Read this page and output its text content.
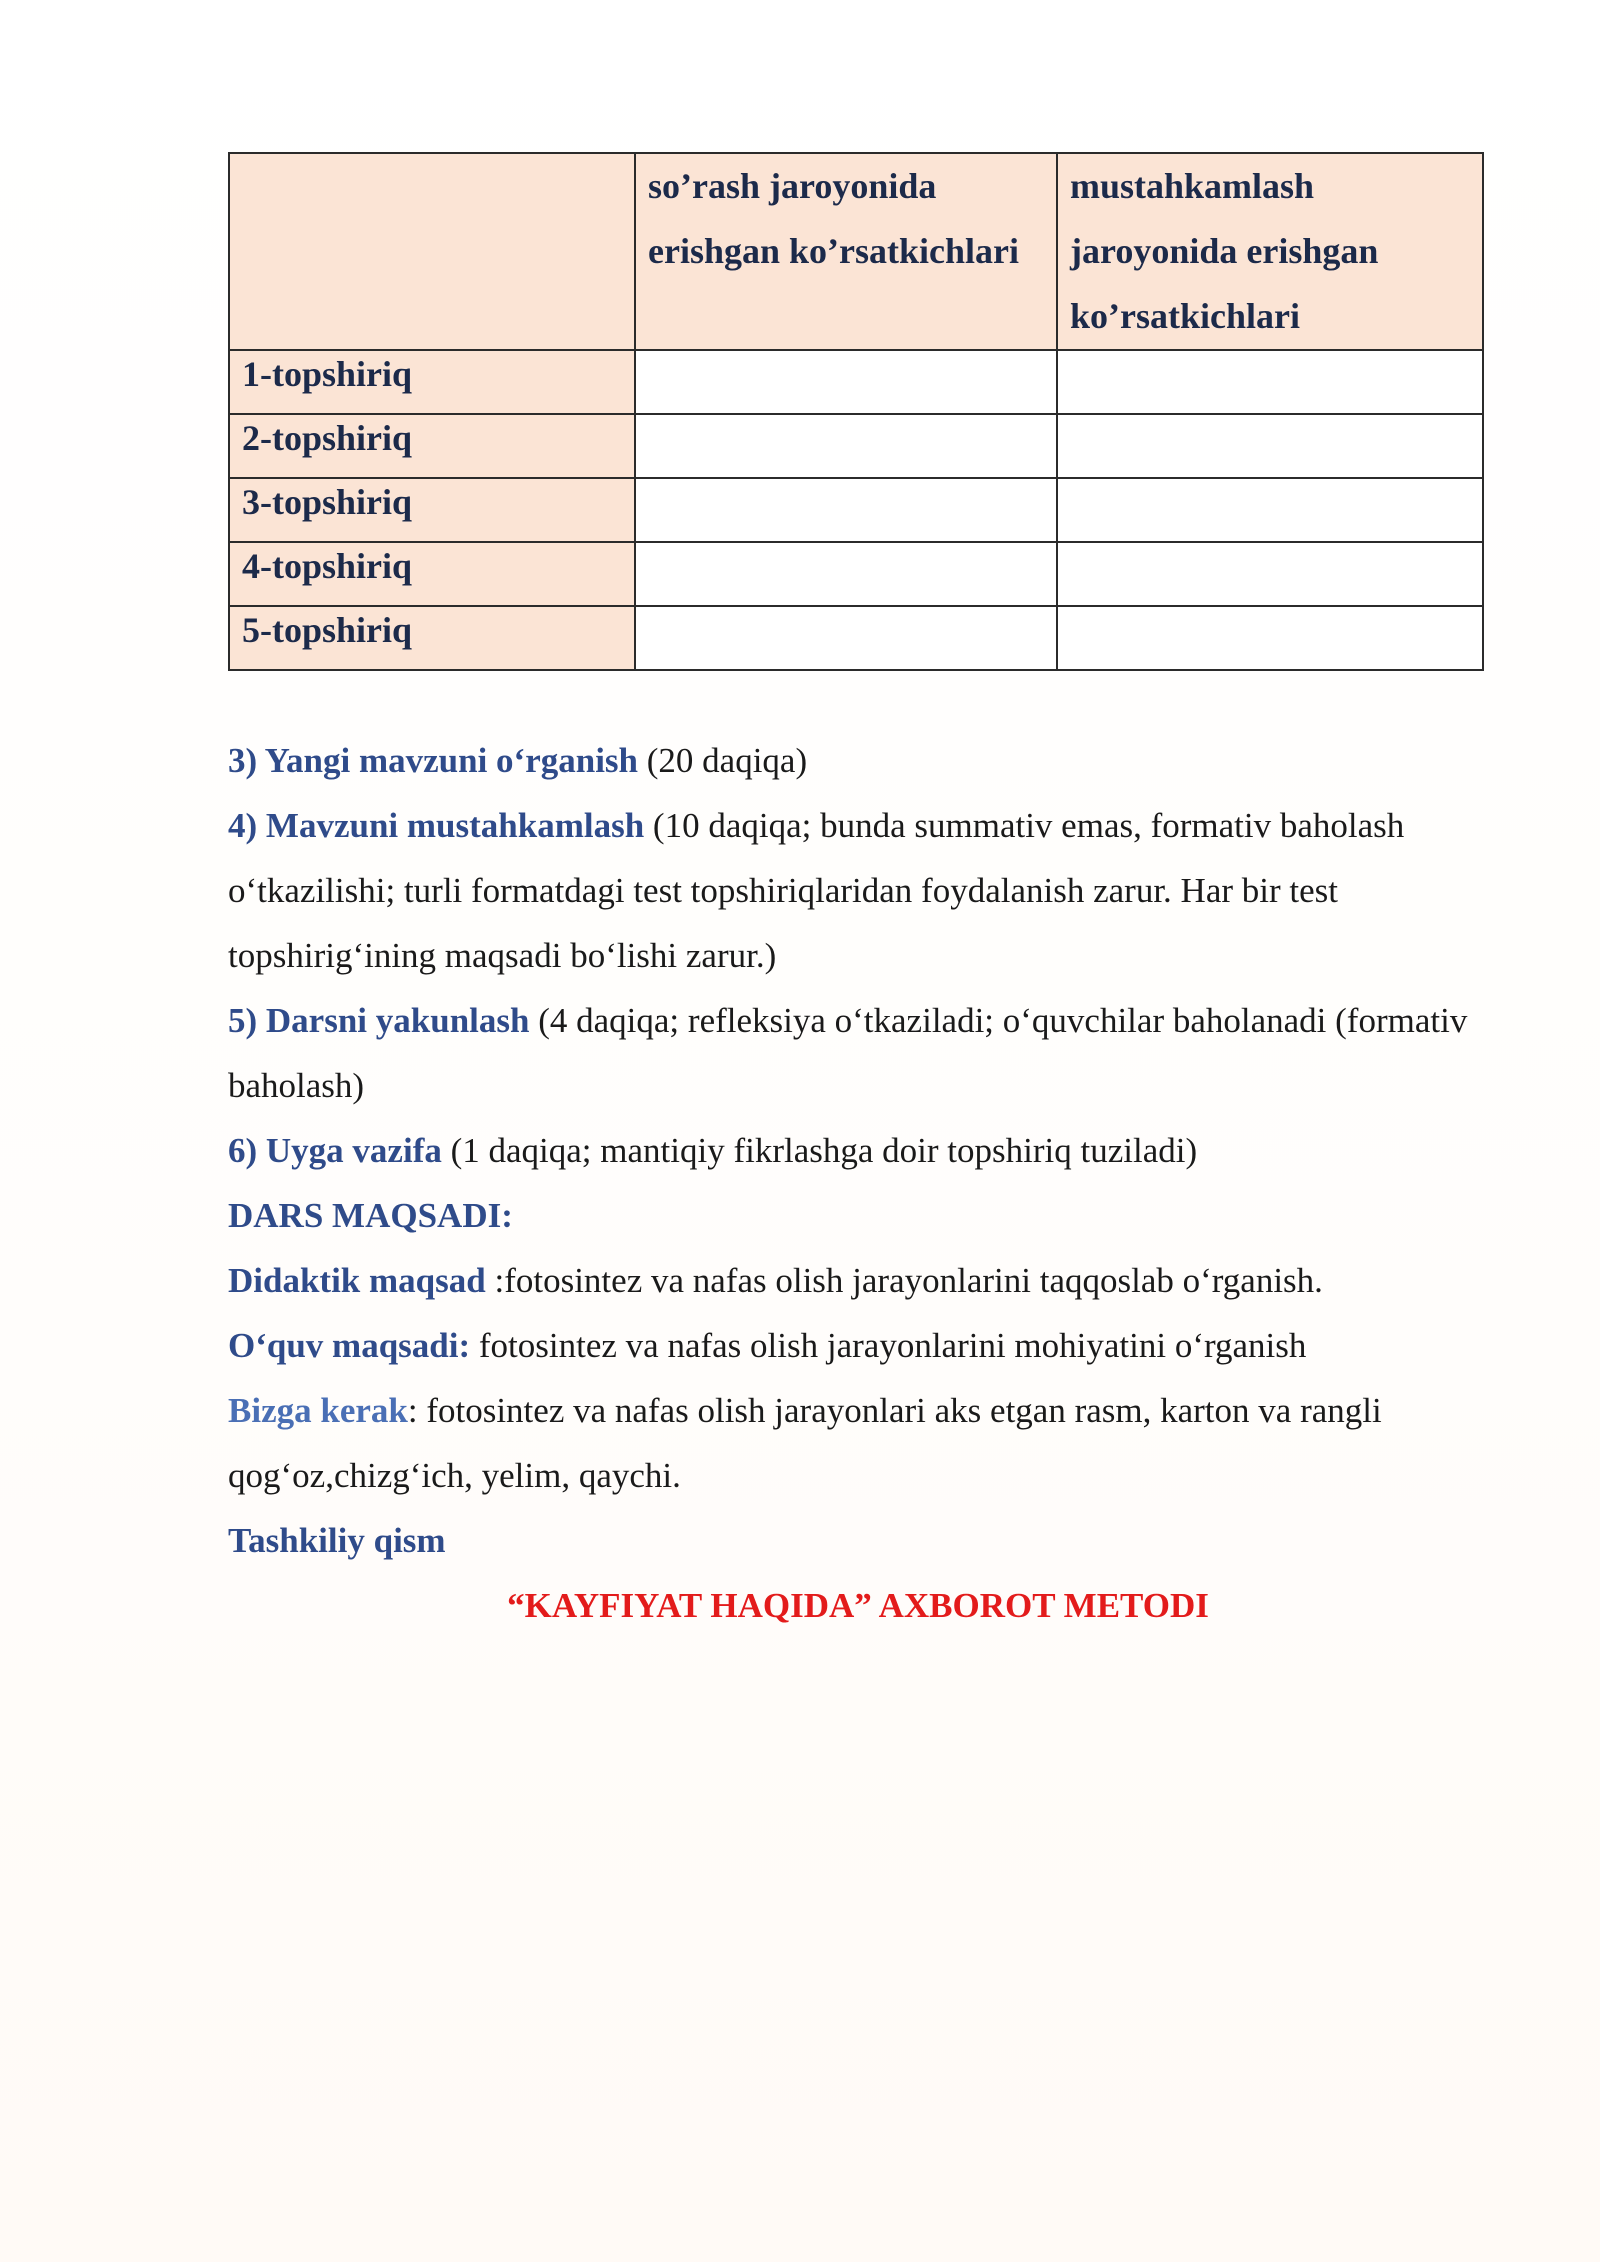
	so’rash jaroyonida erishgan ko’rsatkichlari	mustahkamlash jaroyonida erishgan ko’rsatkichlari
1-topshiriq		
2-topshiriq		
3-topshiriq		
4-topshiriq		
5-topshiriq		

3) Yangi mavzuni o‘rganish (20 daqiqa)

4) Mavzuni mustahkamlash (10 daqiqa; bunda summativ emas, formativ baholash o‘tkazilishi; turli formatdagi test topshiriqlaridan foydalanish zarur. Har bir test topshirig‘ining maqsadi bo‘lishi zarur.)

5) Darsni yakunlash (4 daqiqa; refleksiya o‘tkaziladi; o‘quvchilar baholanadi (formativ baholash)

6) Uyga vazifa (1 daqiqa; mantiqiy fikrlashga doir topshiriq tuziladi)

DARS MAQSADI:

Didaktik maqsad :fotosintez va nafas olish jarayonlarini taqqoslab o‘rganish.

O‘quv maqsadi: fotosintez va nafas olish jarayonlarini mohiyatini o‘rganish

Bizga kerak: fotosintez va nafas olish jarayonlari aks etgan rasm, karton va rangli qog‘oz,chizg‘ich, yelim, qaychi.

Tashkiliy qism

“KAYFIYAT HAQIDA” AXBOROT METODI
